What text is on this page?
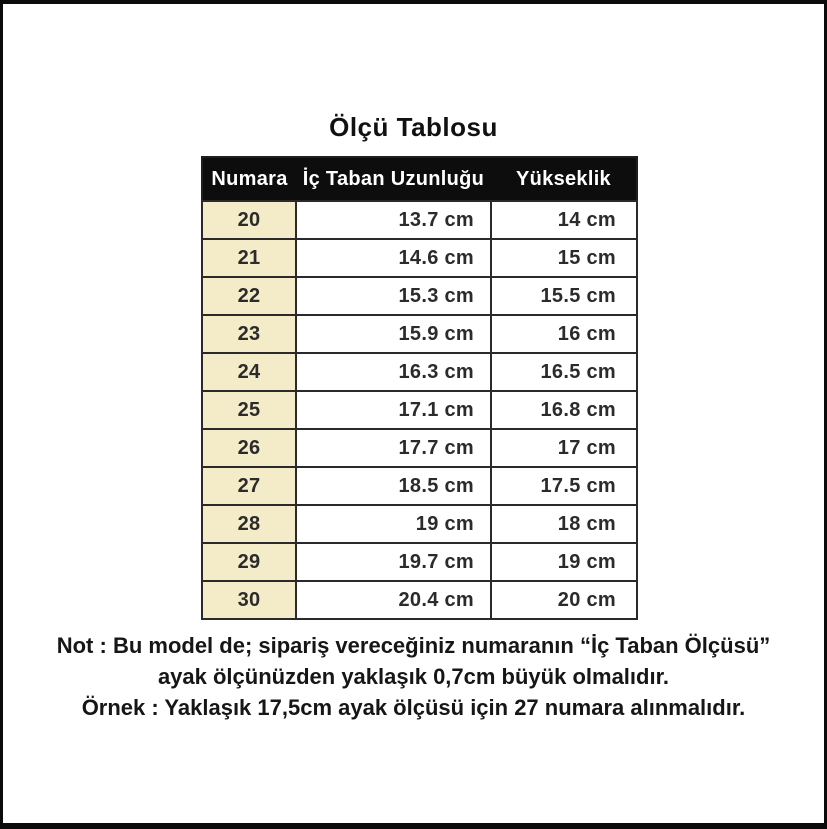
Ölçü Tablosu
Numara	İç Taban Uzunluğu	Yükseklik
20	13.7 cm	14 cm
21	14.6 cm	15 cm
22	15.3 cm	15.5 cm
23	15.9 cm	16 cm
24	16.3 cm	16.5 cm
25	17.1 cm	16.8 cm
26	17.7 cm	17 cm
27	18.5 cm	17.5 cm
28	19 cm	18 cm
29	19.7 cm	19 cm
30	20.4 cm	20 cm
Not : Bu model de; sipariş vereceğiniz numaranın “İç Taban Ölçüsü”
ayak ölçünüzden yaklaşık 0,7cm büyük olmalıdır.
Örnek : Yaklaşık 17,5cm ayak ölçüsü için 27 numara alınmalıdır.
